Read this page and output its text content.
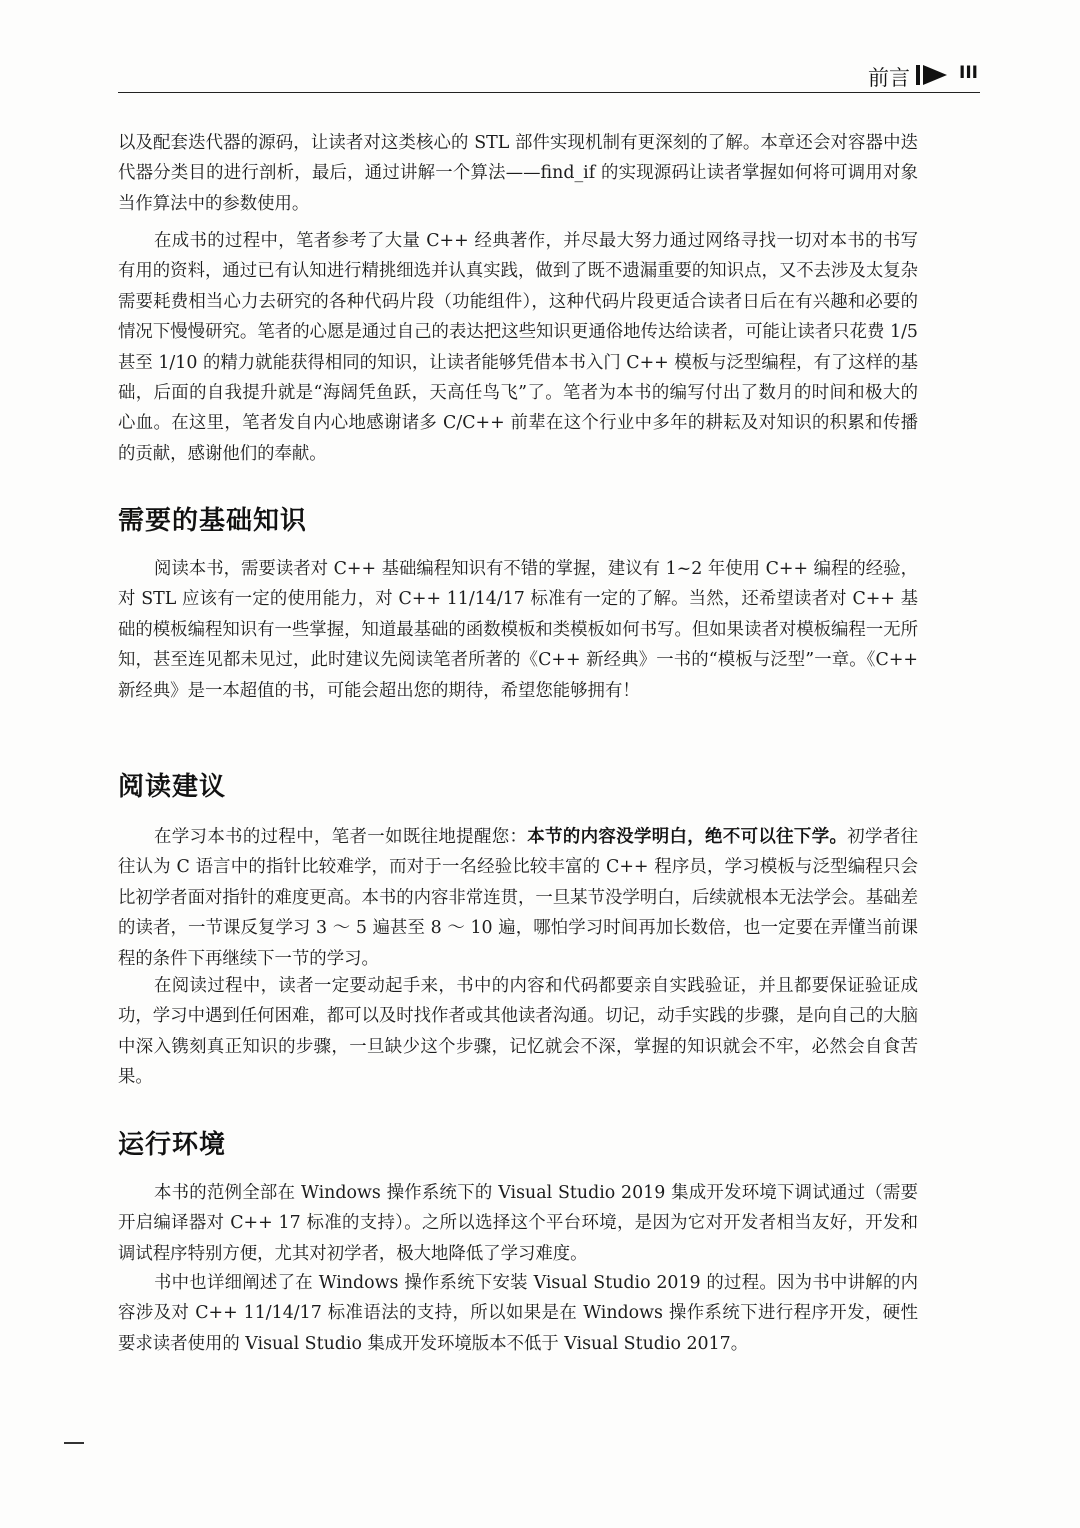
前言	III

以及配套迭代器的源码，让读者对这类核心的 STL 部件实现机制有更深刻的了解。本章还会对容器中迭代器分类目的进行剖析，最后，通过讲解一个算法——find_if 的实现源码让读者掌握如何将可调用对象当作算法中的参数使用。

在成书的过程中，笔者参考了大量 C++ 经典著作，并尽最大努力通过网络寻找一切对本书的书写有用的资料，通过已有认知进行精挑细选并认真实践，做到了既不遗漏重要的知识点，又不去涉及太复杂需要耗费相当心力去研究的各种代码片段（功能组件），这种代码片段更适合读者日后在有兴趣和必要的情况下慢慢研究。笔者的心愿是通过自己的表达把这些知识更通俗地传达给读者，可能让读者只花费 1/5 甚至 1/10 的精力就能获得相同的知识，让读者能够凭借本书入门 C++ 模板与泛型编程，有了这样的基础，后面的自我提升就是“海阔凭鱼跃，天高任鸟飞”了。笔者为本书的编写付出了数月的时间和极大的心血。在这里，笔者发自内心地感谢诸多 C/C++ 前辈在这个行业中多年的耕耘及对知识的积累和传播的贡献，感谢他们的奉献。

需要的基础知识

阅读本书，需要读者对 C++ 基础编程知识有不错的掌握，建议有 1~2 年使用 C++ 编程的经验，对 STL 应该有一定的使用能力，对 C++ 11/14/17 标准有一定的了解。当然，还希望读者对 C++ 基础的模板编程知识有一些掌握，知道最基础的函数模板和类模板如何书写。但如果读者对模板编程一无所知，甚至连见都未见过，此时建议先阅读笔者所著的《C++ 新经典》一书的“模板与泛型”一章。《C++ 新经典》是一本超值的书，可能会超出您的期待，希望您能够拥有！

阅读建议

在学习本书的过程中，笔者一如既往地提醒您：本节的内容没学明白，绝不可以往下学。初学者往往认为 C 语言中的指针比较难学，而对于一名经验比较丰富的 C++ 程序员，学习模板与泛型编程只会比初学者面对指针的难度更高。本书的内容非常连贯，一旦某节没学明白，后续就根本无法学会。基础差的读者，一节课反复学习 3 ～ 5 遍甚至 8 ～ 10 遍，哪怕学习时间再加长数倍，也一定要在弄懂当前课程的条件下再继续下一节的学习。

在阅读过程中，读者一定要动起手来，书中的内容和代码都要亲自实践验证，并且都要保证验证成功，学习中遇到任何困难，都可以及时找作者或其他读者沟通。切记，动手实践的步骤，是向自己的大脑中深入镌刻真正知识的步骤，一旦缺少这个步骤，记忆就会不深，掌握的知识就会不牢，必然会自食苦果。

运行环境

本书的范例全部在 Windows 操作系统下的 Visual Studio 2019 集成开发环境下调试通过（需要开启编译器对 C++ 17 标准的支持）。之所以选择这个平台环境，是因为它对开发者相当友好，开发和调试程序特别方便，尤其对初学者，极大地降低了学习难度。

书中也详细阐述了在 Windows 操作系统下安装 Visual Studio 2019 的过程。因为书中讲解的内容涉及对 C++ 11/14/17 标准语法的支持，所以如果是在 Windows 操作系统下进行程序开发，硬性要求读者使用的 Visual Studio 集成开发环境版本不低于 Visual Studio 2017。
